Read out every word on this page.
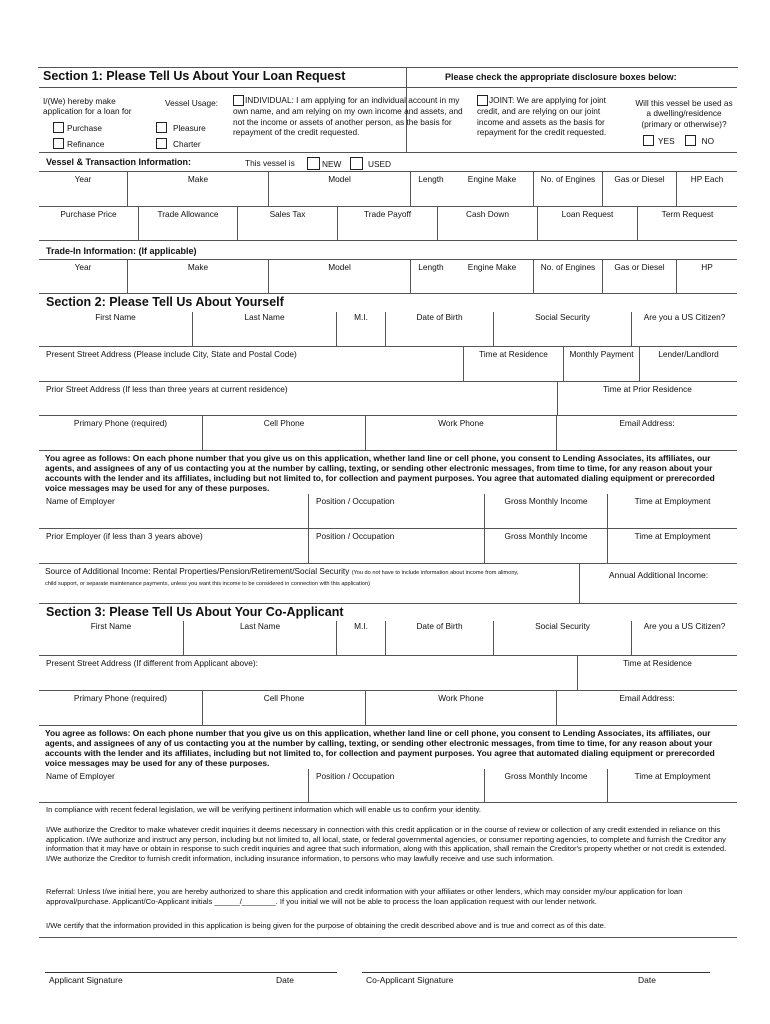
Section 1: Please Tell Us About Your Loan Request	Please check the appropriate disclosure boxes below:
I/(We) hereby make application for a loan for
Purchase
Refinance
Vessel Usage:
Pleasure
Charter
INDIVIDUAL: I am applying for an individual account in my own name, and am relying on my own income and assets, and not the income or assets of another person, as the basis for repayment of the credit requested.
JOINT: We are applying for joint credit, and are relying on our joint income and assets as the basis for repayment for the credit requested.
Will this vessel be used as a dwelling/residence (primary or otherwise)?
YES	NO
Vessel & Transaction Information:	This vessel is	NEW	USED
Year	Make	Model	Length	Engine Make	No. of Engines	Gas or Diesel	HP Each
Purchase Price	Trade Allowance	Sales Tax	Trade Payoff	Cash Down	Loan Request	Term Request
Trade-In Information: (If applicable)
Year	Make	Model	Length	Engine Make	No. of Engines	Gas or Diesel	HP
Section 2: Please Tell Us About Yourself
First Name	Last Name	M.I.	Date of Birth	Social Security	Are you a US Citizen?
Present Street Address (Please include City, State and Postal Code)	Time at Residence	Monthly Payment	Lender/Landlord
Prior Street Address (If less than three years at current residence)	Time at Prior Residence
Primary Phone (required)	Cell Phone	Work Phone	Email Address:
You agree as follows: On each phone number that you give us on this application, whether land line or cell phone, you consent to Lending Associates, its affiliates, our agents, and assignees of any of us contacting you at the number by calling, texting, or sending other electronic messages, from time to time, for any reason about your accounts with the lender and its affiliates, including but not limited to, for collection and payment purposes. You agree that automated dialing equipment or prerecorded voice messages may be used for any of these purposes.
Name of Employer	Position / Occupation	Gross Monthly Income	Time at Employment
Prior Employer (if less than 3 years above)	Position / Occupation	Gross Monthly Income	Time at Employment
Source of Additional Income: Rental Properties/Pension/Retirement/Social Security (You do not have to include information about income from alimony,
child support, or separate maintenance payments, unless you want this income to be considered in connection with this application)
Annual Additional Income:
Section 3: Please Tell Us About Your Co-Applicant
First Name	Last Name	M.I.	Date of Birth	Social Security	Are you a US Citizen?
Present Street Address (If different from Applicant above):	Time at Residence
Primary Phone (required)	Cell Phone	Work Phone	Email Address:
You agree as follows: On each phone number that you give us on this application, whether land line or cell phone, you consent to Lending Associates, its affiliates, our agents, and assignees of any of us contacting you at the number by calling, texting, or sending other electronic messages, from time to time, for any reason about your accounts with the lender and its affiliates, including but not limited to, for collection and payment purposes. You agree that automated dialing equipment or prerecorded voice messages may be used for any of these purposes.
Name of Employer	Position / Occupation	Gross Monthly Income	Time at Employment
In compliance with recent federal legislation, we will be verifying pertinent information which will enable us to confirm your identity.
I/We authorize the Creditor to make whatever credit inquiries it deems necessary in connection with this credit application or in the course of review or collection of any credit extended in reliance on this application. I/We authorize and instruct any person, including but not limited to, all local, state, or federal governmental agencies, or consumer reporting agencies, to complete and furnish the Creditor any information that it may have or obtain in response to such credit inquiries and agree that such information, along with this application, shall remain the Creditor's property whether or not credit is extended. I/We authorize the Creditor to furnish credit information, including insurance information, to persons who may lawfully receive and use such information.
Referral: Unless I/we initial here, you are hereby authorized to share this application and credit information with your affiliates or other lenders, which may consider my/our application for loan approval/purchase. Applicant/Co-Applicant initials ______/________. If you initial we will not be able to process the loan application request with our lender network.
I/We certify that the information provided in this application is being given for the purpose of obtaining the credit described above and is true and correct as of this date.
Applicant Signature	Date	Co-Applicant Signature	Date
